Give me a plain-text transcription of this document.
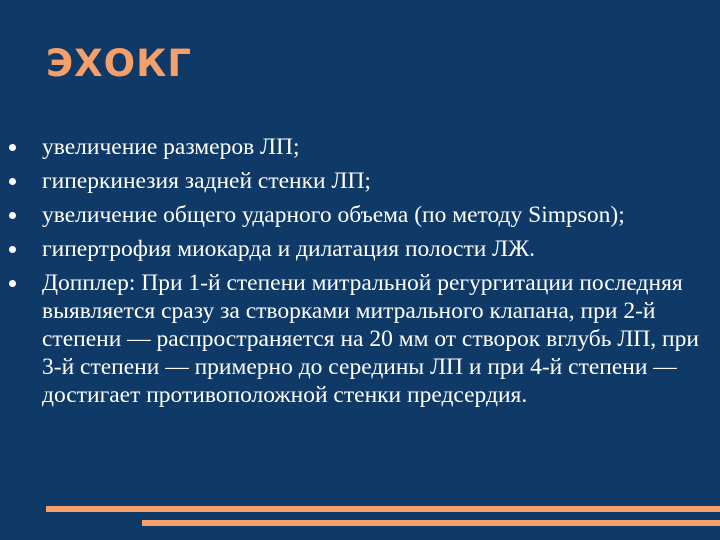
ЭХОКГ
увеличение размеров ЛП;
гиперкинезия задней стенки ЛП;
увеличение общего ударного объема (по методу Simpson);
гипертрофия миокарда и дилатация полости ЛЖ.
Допплер: При 1-й степени митральной регургитации последняя выявляется сразу за створками митрального клапана, при 2-й степени — распространяется на 20 мм от створок вглубь ЛП, при 3-й степени — примерно до середины ЛП и при 4-й степени — достигает противоположной стенки предсердия.
